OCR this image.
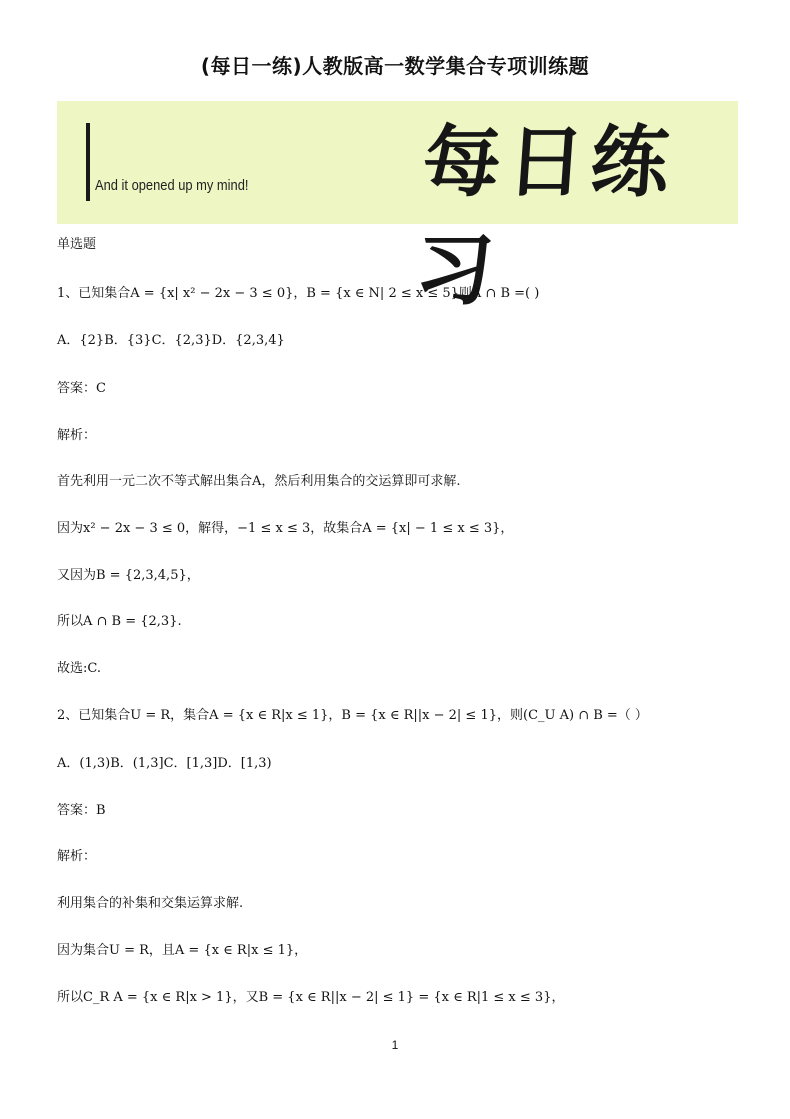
(每日一练)人教版高一数学集合专项训练题
And it opened up my mind! 每日练习
单选题
1、已知集合A = {x| x² − 2x − 3 ≤ 0}，B = {x ∈ N| 2 ≤ x ≤ 5}则A ∩ B =( )
A．{2}B．{3}C．{2,3}D．{2,3,4}
答案：C
解析：
首先利用一元二次不等式解出集合A，然后利用集合的交运算即可求解.
因为x² − 2x − 3 ≤ 0，解得，−1 ≤ x ≤ 3，故集合A = {x| − 1 ≤ x ≤ 3}，
又因为B = {2,3,4,5}，
所以A ∩ B = {2,3}.
故选:C.
2、已知集合U = R，集合A = {x ∈ R|x ≤ 1}，B = {x ∈ R||x − 2| ≤ 1}，则(C_U A) ∩ B =（ ）
A．(1,3)B．(1,3]C．[1,3]D．[1,3)
答案：B
解析：
利用集合的补集和交集运算求解.
因为集合U = R，且A = {x ∈ R|x ≤ 1}，
所以C_R A = {x ∈ R|x > 1}，又B = {x ∈ R||x − 2| ≤ 1} = {x ∈ R|1 ≤ x ≤ 3}，
1
